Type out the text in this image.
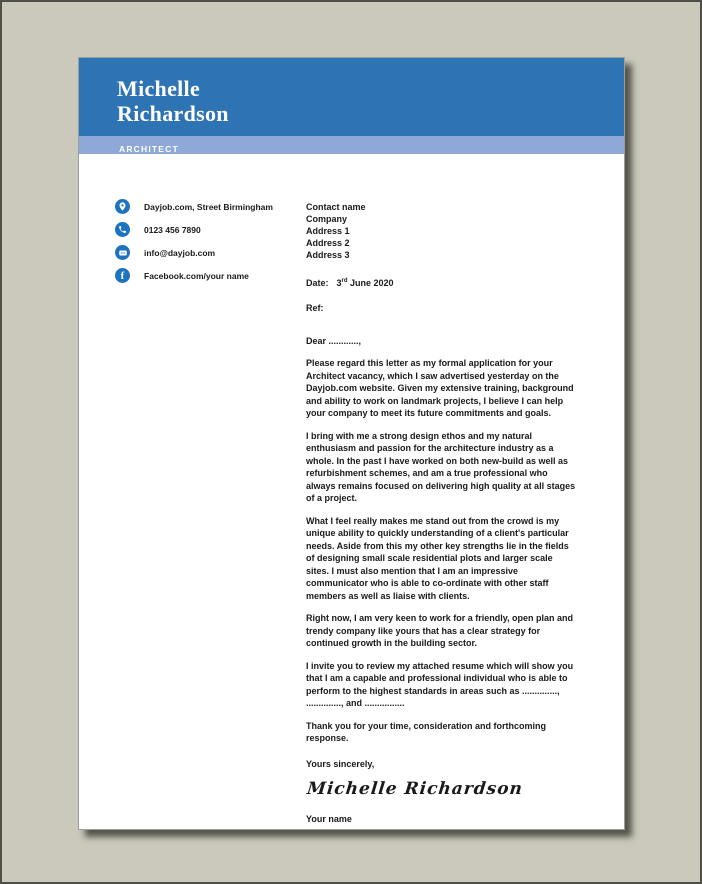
Michelle
Richardson
ARCHITECT
Dayjob.com, Street Birmingham
0123 456 7890
info@dayjob.com
f Facebook.com/your name
Contact name
Company
Address 1
Address 2
Address 3
Date: 3rd June 2020
Ref:
Dear ............,

Please regard this letter as my formal application for your Architect vacancy, which I saw advertised yesterday on the Dayjob.com website. Given my extensive training, background and ability to work on landmark projects, I believe I can help your company to meet its future commitments and goals.

I bring with me a strong design ethos and my natural enthusiasm and passion for the architecture industry as a whole. In the past I have worked on both new-build as well as refurbishment schemes, and am a true professional who always remains focused on delivering high quality at all stages of a project.

What I feel really makes me stand out from the crowd is my unique ability to quickly understanding of a client's particular needs. Aside from this my other key strengths lie in the fields of designing small scale residential plots and larger scale sites. I must also mention that I am an impressive communicator who is able to co-ordinate with other staff members as well as liaise with clients.

Right now, I am very keen to work for a friendly, open plan and trendy company like yours that has a clear strategy for continued growth in the building sector.

I invite you to review my attached resume which will show you that I am a capable and professional individual who is able to perform to the highest standards in areas such as .............., .............., and ................

Thank you for your time, consideration and forthcoming response.

Yours sincerely,
Michelle Richardson
Your name
